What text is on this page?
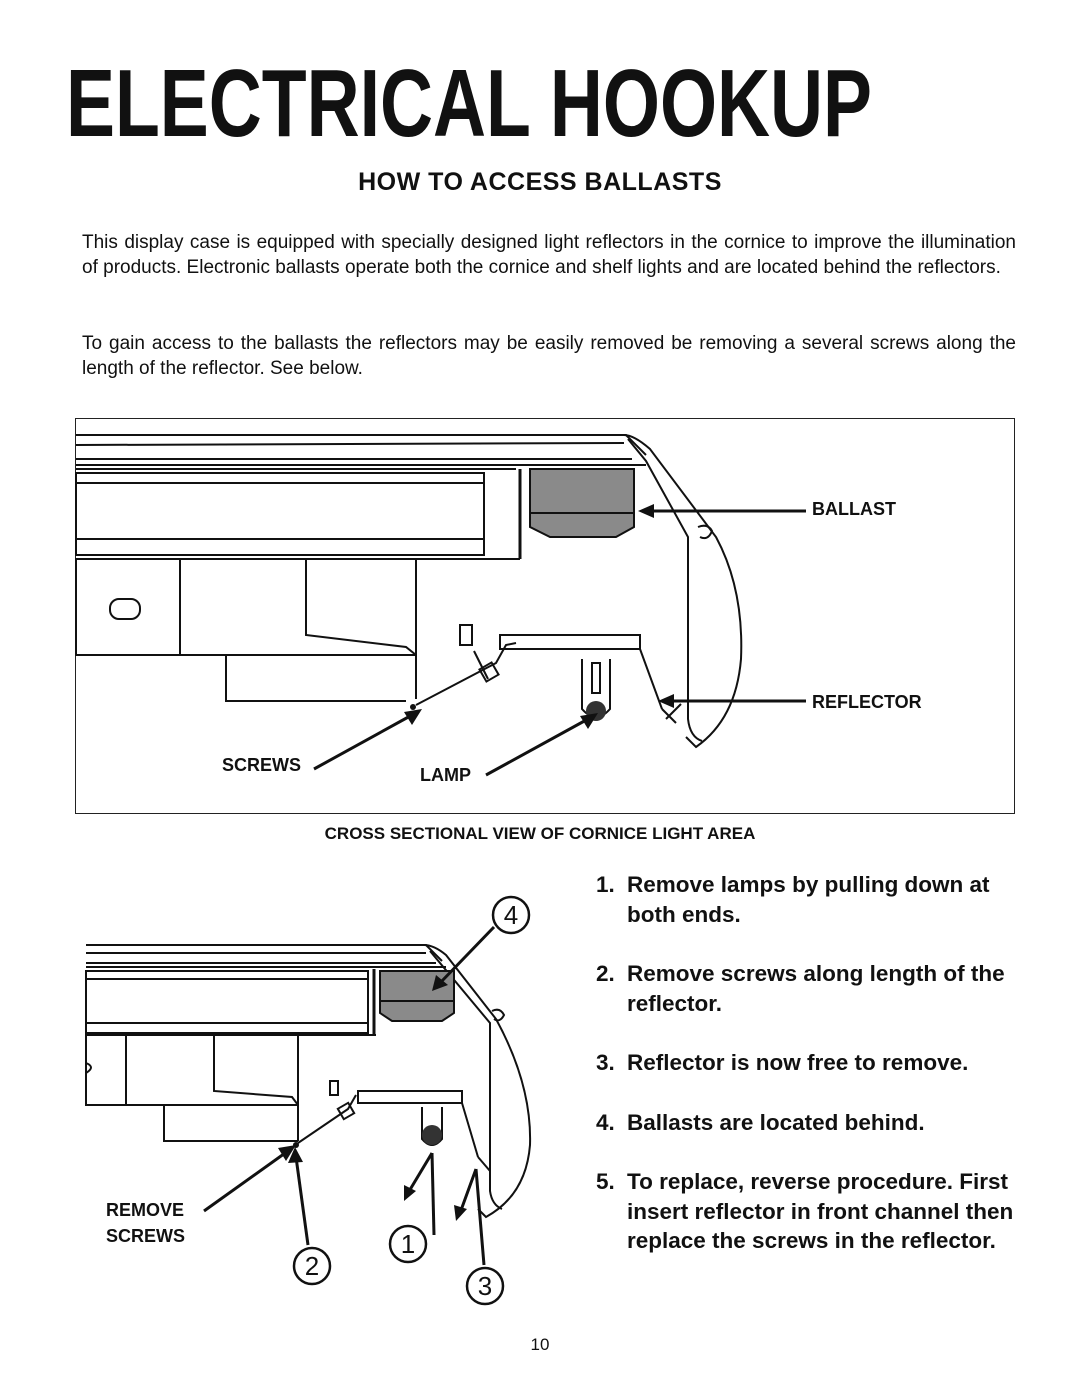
ELECTRICAL HOOKUP
HOW TO ACCESS BALLASTS

This display case is equipped with specially designed light reflectors in the cornice to improve the illumination of products. Electronic ballasts operate both the cornice and shelf lights and are located behind the reflectors.

To gain access to the ballasts the reflectors may be easily removed be removing a several screws along the length of the reflector. See below.

BALLAST
REFLECTOR
SCREWS	LAMP

CROSS SECTIONAL VIEW OF CORNICE LIGHT AREA

4
2
1
3
REMOVE
SCREWS
1. Remove lamps by pulling down at both ends.
2. Remove screws along length of the reflector.
3. Reflector is now free to remove.
4. Ballasts are located behind.
5. To replace, reverse procedure. First insert reflector in front channel then replace the screws in the reflector.
10
